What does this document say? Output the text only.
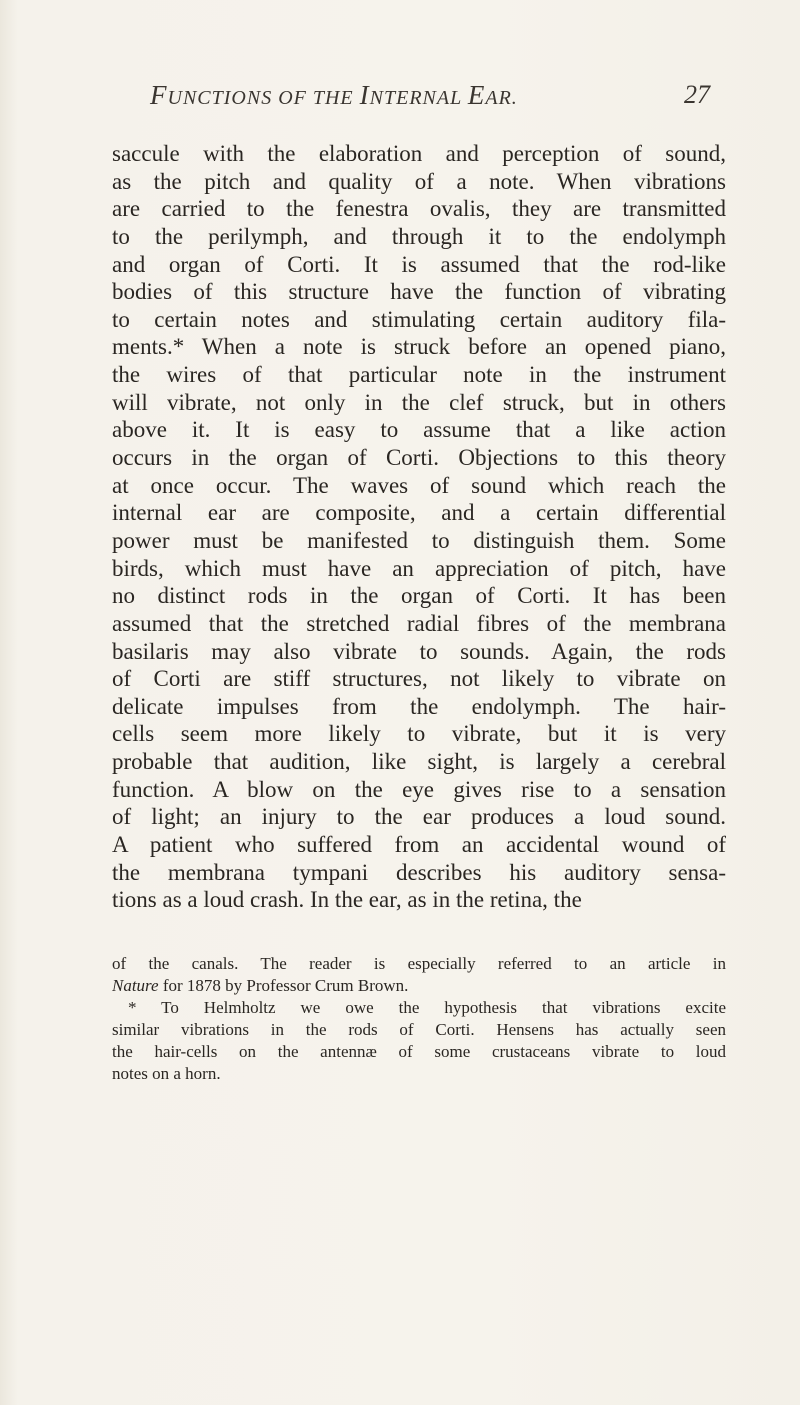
FUNCTIONS OF THE INTERNAL EAR.	27
saccule with the elaboration and perception of sound,
as the pitch and quality of a note. When vibrations
are carried to the fenestra ovalis, they are transmitted
to the perilymph, and through it to the endolymph
and organ of Corti. It is assumed that the rod-like
bodies of this structure have the function of vibrating
to certain notes and stimulating certain auditory fila-
ments.* When a note is struck before an opened piano,
the wires of that particular note in the instrument
will vibrate, not only in the clef struck, but in others
above it. It is easy to assume that a like action
occurs in the organ of Corti. Objections to this theory
at once occur. The waves of sound which reach the
internal ear are composite, and a certain differential
power must be manifested to distinguish them. Some
birds, which must have an appreciation of pitch, have
no distinct rods in the organ of Corti. It has been
assumed that the stretched radial fibres of the membrana
basilaris may also vibrate to sounds. Again, the rods
of Corti are stiff structures, not likely to vibrate on
delicate impulses from the endolymph. The hair-
cells seem more likely to vibrate, but it is very
probable that audition, like sight, is largely a cerebral
function. A blow on the eye gives rise to a sensation
of light; an injury to the ear produces a loud sound.
A patient who suffered from an accidental wound of
the membrana tympani describes his auditory sensa-
tions as a loud crash. In the ear, as in the retina, the
of the canals. The reader is especially referred to an article in
Nature for 1878 by Professor Crum Brown.
* To Helmholtz we owe the hypothesis that vibrations excite
similar vibrations in the rods of Corti. Hensens has actually seen
the hair-cells on the antennæ of some crustaceans vibrate to loud
notes on a horn.
